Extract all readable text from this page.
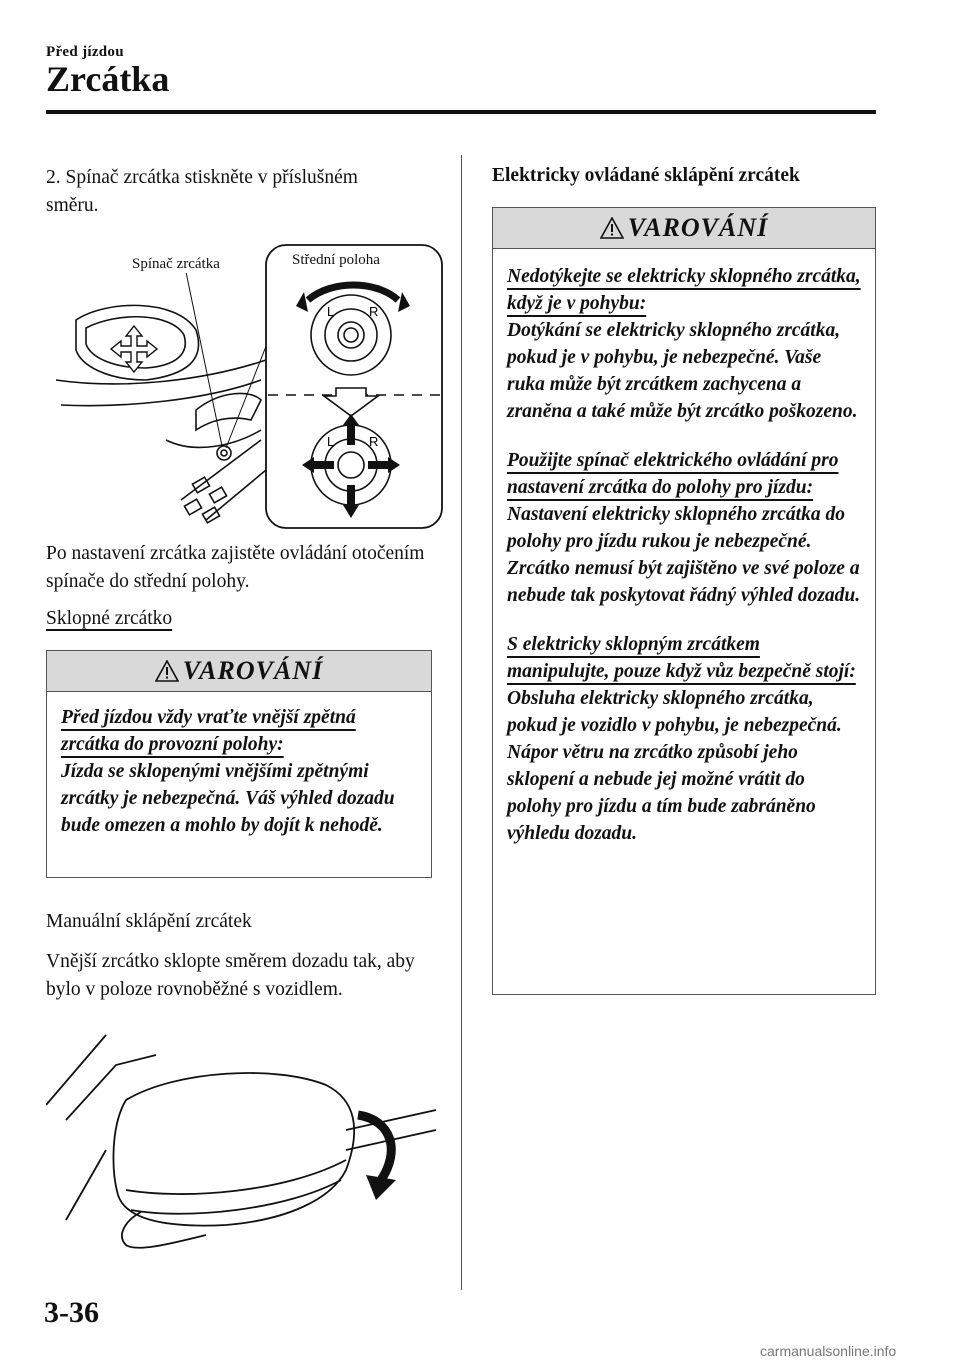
Před jízdou
Zrcátka
2. Spínač zrcátka stiskněte v příslušném
směru.
L	R
L	R
Spínač zrcátka	Střední poloha
Po nastavení zrcátka zajistěte ovládání otočením spínače do střední polohy.
Sklopné zrcátko
VAROVÁNÍ
Před jízdou vždy vraťte vnější zpětná zrcátka do provozní polohy:
Jízda se sklopenými vnějšími zpětnými zrcátky je nebezpečná. Váš výhled dozadu bude omezen a mohlo by dojít k nehodě.
Manuální sklápění zrcátek
Vnější zrcátko sklopte směrem dozadu tak, aby bylo v poloze rovnoběžné s vozidlem.
Elektricky ovládané sklápění zrcátek
VAROVÁNÍ
Nedotýkejte se elektricky sklopného zrcátka, když je v pohybu:
Dotýkání se elektricky sklopného zrcátka, pokud je v pohybu, je nebezpečné. Vaše ruka může být zrcátkem zachycena a zraněna a také může být zrcátko poškozeno.
Použijte spínač elektrického ovládání pro nastavení zrcátka do polohy pro jízdu:
Nastavení elektricky sklopného zrcátka do polohy pro jízdu rukou je nebezpečné. Zrcátko nemusí být zajištěno ve své poloze a nebude tak poskytovat řádný výhled dozadu.
S elektricky sklopným zrcátkem manipulujte, pouze když vůz bezpečně stojí:
Obsluha elektricky sklopného zrcátka, pokud je vozidlo v pohybu, je nebezpečná. Nápor větru na zrcátko způsobí jeho sklopení a nebude jej možné vrátit do polohy pro jízdu a tím bude zabráněno výhledu dozadu.
3-36
carmanualsonline.info
